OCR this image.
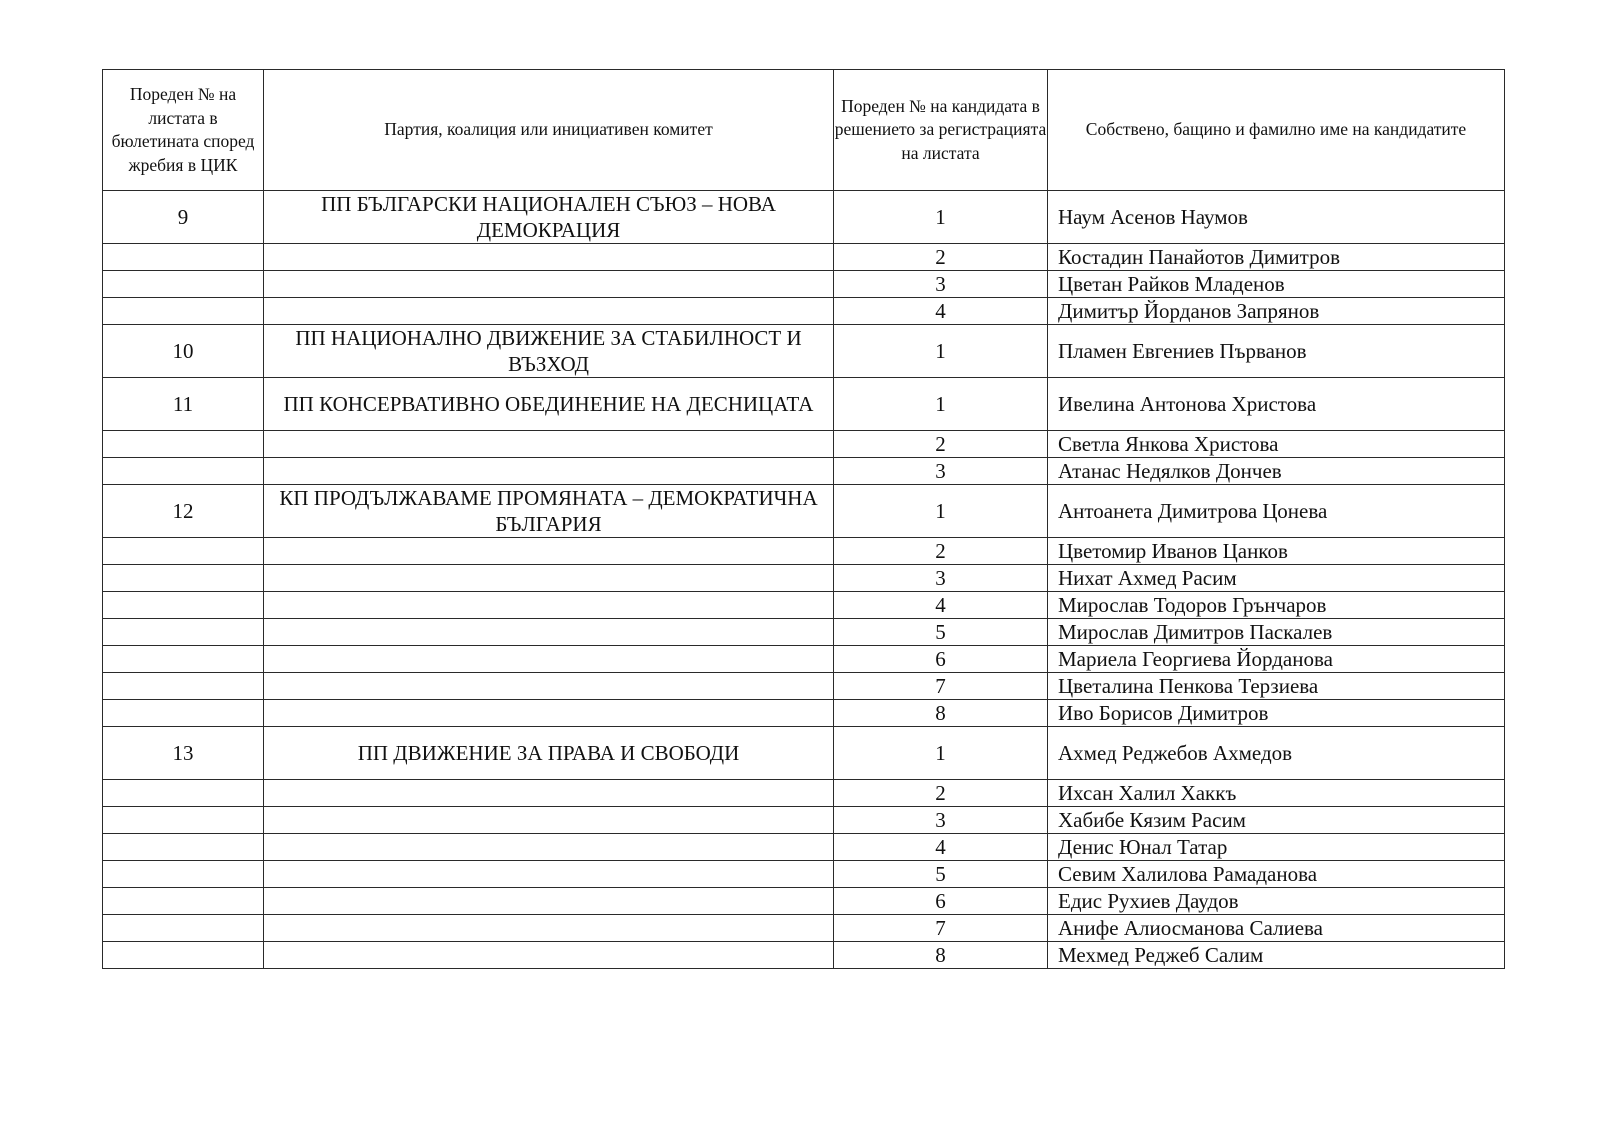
Пореден № на листата в бюлетината според жребия в ЦИК	Партия, коалиция или инициативен комитет	Пореден № на кандидата в решението за регистрацията на листата	Собствено, бащино и фамилно име на кандидатите
9	ПП БЪЛГАРСКИ НАЦИОНАЛЕН СЪЮЗ – НОВА ДЕМОКРАЦИЯ	1	Наум Асенов Наумов
		2	Костадин Панайотов Димитров
		3	Цветан Райков Младенов
		4	Димитър Йорданов Запрянов
10	ПП НАЦИОНАЛНО ДВИЖЕНИЕ ЗА СТАБИЛНОСТ И ВЪЗХОД	1	Пламен Евгениев Първанов
11	ПП КОНСЕРВАТИВНО ОБЕДИНЕНИЕ НА ДЕСНИЦАТА	1	Ивелина Антонова Христова
		2	Светла Янкова Христова
		3	Атанас Недялков Дончев
12	КП ПРОДЪЛЖАВАМЕ ПРОМЯНАТА – ДЕМОКРАТИЧНА БЪЛГАРИЯ	1	Антоанета Димитрова Цонева
		2	Цветомир Иванов Цанков
		3	Нихат Ахмед Расим
		4	Мирослав Тодоров Грънчаров
		5	Мирослав Димитров Паскалев
		6	Мариела Георгиева Йорданова
		7	Цветалина Пенкова Терзиева
		8	Иво Борисов Димитров
13	ПП ДВИЖЕНИЕ ЗА ПРАВА И СВОБОДИ	1	Ахмед Реджебов Ахмедов
		2	Ихсан Халил Хаккъ
		3	Хабибе Кязим Расим
		4	Денис Юнал Татар
		5	Севим Халилова Рамаданова
		6	Едис Рухиев Даудов
		7	Анифе Алиосманова Салиева
		8	Мехмед Реджеб Салим
